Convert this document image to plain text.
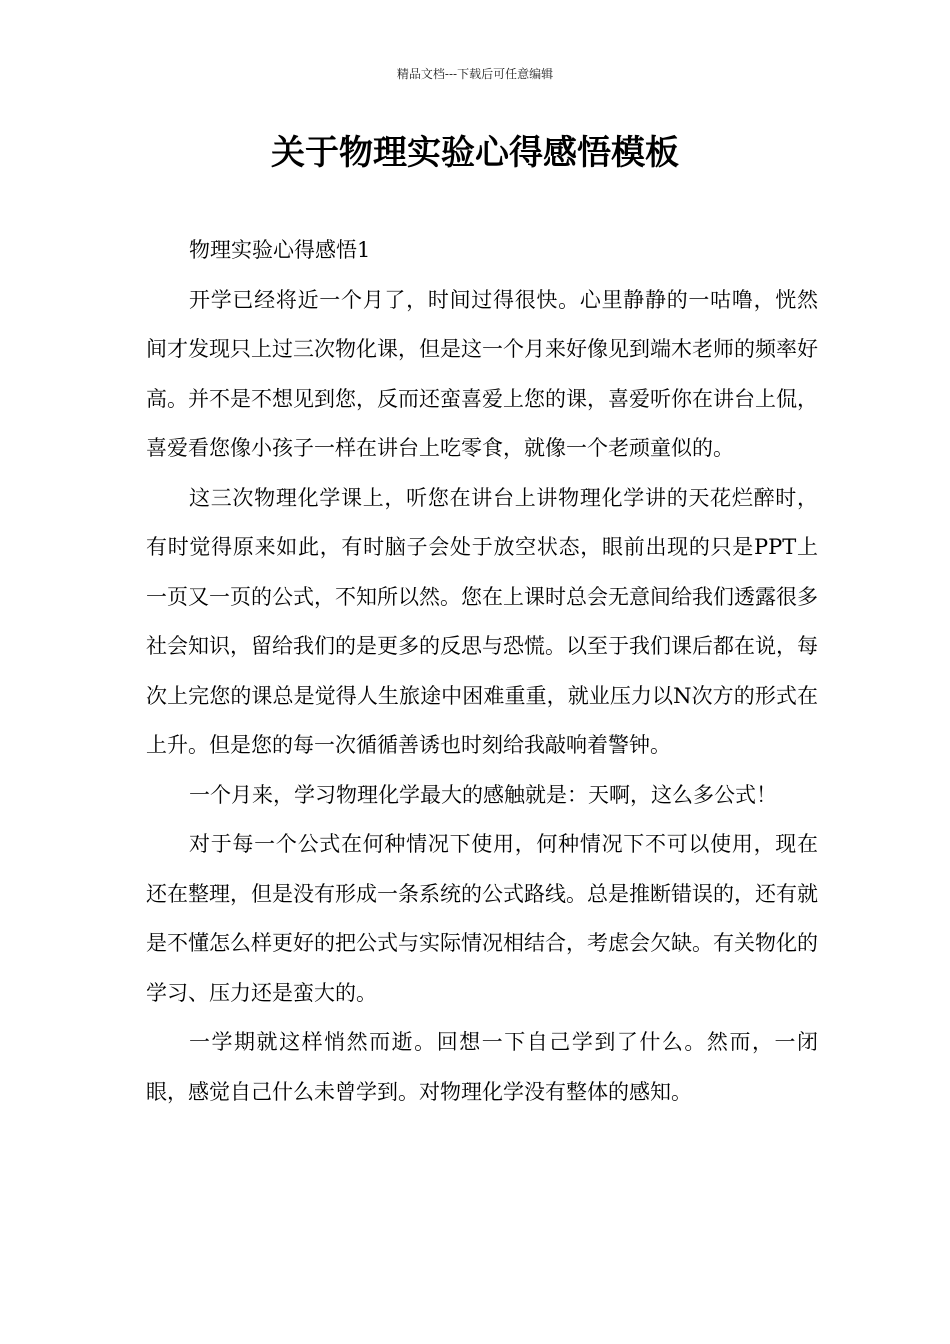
精品文档---下载后可任意编辑
关于物理实验心得感悟模板

物理实验心得感悟1

开学已经将近一个月了，时间过得很快。心里静静的一咕噜，恍然间才发现只上过三次物化课，但是这一个月来好像见到端木老师的频率好高。并不是不想见到您，反而还蛮喜爱上您的课，喜爱听你在讲台上侃，喜爱看您像小孩子一样在讲台上吃零食，就像一个老顽童似的。

这三次物理化学课上，听您在讲台上讲物理化学讲的天花烂醉时，有时觉得原来如此，有时脑子会处于放空状态，眼前出现的只是PPT上一页又一页的公式，不知所以然。您在上课时总会无意间给我们透露很多社会知识，留给我们的是更多的反思与恐慌。以至于我们课后都在说，每次上完您的课总是觉得人生旅途中困难重重，就业压力以N次方的形式在上升。但是您的每一次循循善诱也时刻给我敲响着警钟。

一个月来，学习物理化学最大的感触就是：天啊，这么多公式！

对于每一个公式在何种情况下使用，何种情况下不可以使用，现在还在整理，但是没有形成一条系统的公式路线。总是推断错误的，还有就是不懂怎么样更好的把公式与实际情况相结合，考虑会欠缺。有关物化的学习、压力还是蛮大的。

一学期就这样悄然而逝。回想一下自己学到了什么。然而，一闭眼，感觉自己什么未曾学到。对物理化学没有整体的感知。
